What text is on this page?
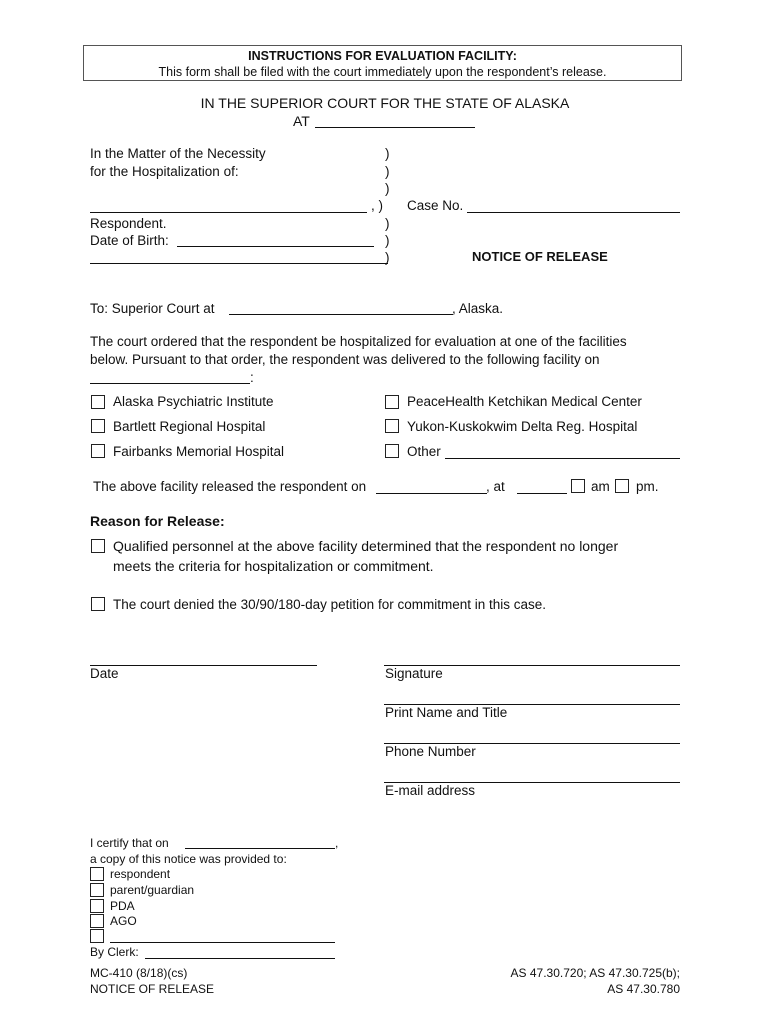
INSTRUCTIONS FOR EVALUATION FACILITY:
This form shall be filed with the court immediately upon the respondent’s release.
IN THE SUPERIOR COURT FOR THE STATE OF ALASKA
AT
In the Matter of the Necessity
for the Hospitalization of:
Respondent.
Date of Birth:
)
)
)
, )
)
)
)
Case No.
NOTICE OF RELEASE
To: Superior Court at	, Alaska.
The court ordered that the respondent be hospitalized for evaluation at one of the facilities
below. Pursuant to that order, the respondent was delivered to the following facility on
:
Alaska Psychiatric Institute
Bartlett Regional Hospital
Fairbanks Memorial Hospital
PeaceHealth Ketchikan Medical Center
Yukon-Kuskokwim Delta Reg. Hospital
Other
The above facility released the respondent on	, at	am pm.
Reason for Release:
Qualified personnel at the above facility determined that the respondent no longer
meets the criteria for hospitalization or commitment.
The court denied the 30/90/180-day petition for commitment in this case.
Date	Signature
Print Name and Title
Phone Number
E-mail address
I certify that on	,
a copy of this notice was provided to:
respondent
parent/guardian
PDA
AGO
By Clerk:
MC-410 (8/18)(cs)
NOTICE OF RELEASE
AS 47.30.720; AS 47.30.725(b);
AS 47.30.780
